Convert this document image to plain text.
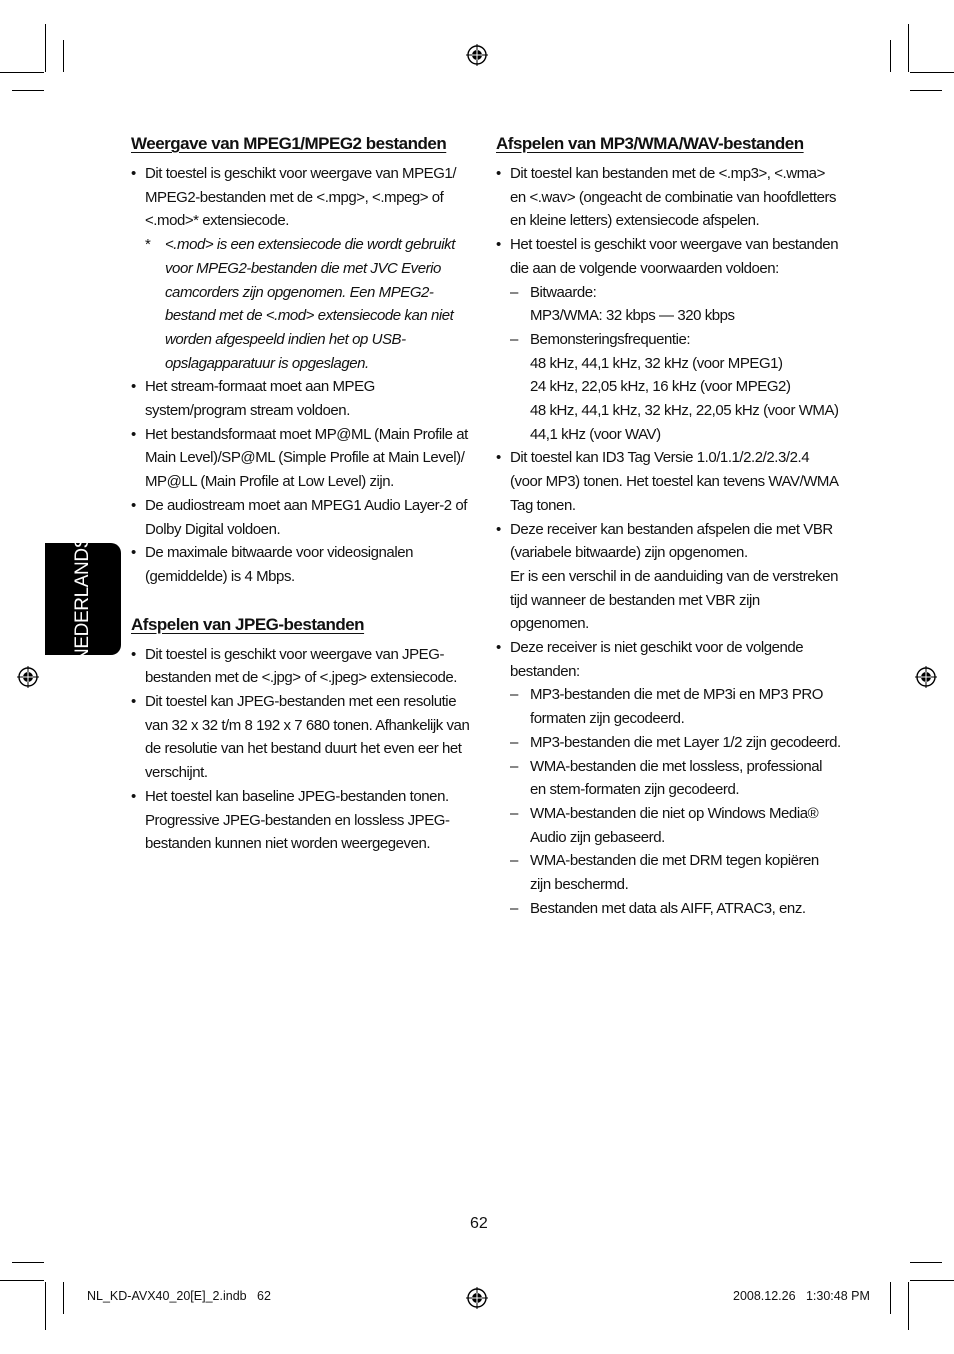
NEDERLANDS
Weergave van MPEG1/MPEG2 bestanden
• Dit toestel is geschikt voor weergave van MPEG1/ MPEG2-bestanden met de <.mpg>, <.mpeg> of <.mod>* extensiecode.
* <.mod> is een extensiecode die wordt gebruikt voor MPEG2-bestanden die met JVC Everio camcorders zijn opgenomen. Een MPEG2-bestand met de <.mod> extensiecode kan niet worden afgespeeld indien het op USB-opslagapparatuur is opgeslagen.
• Het stream-formaat moet aan MPEG system/program stream voldoen.
• Het bestandsformaat moet MP@ML (Main Profile at Main Level)/SP@ML (Simple Profile at Main Level)/ MP@LL (Main Profile at Low Level) zijn.
• De audiostream moet aan MPEG1 Audio Layer-2 of Dolby Digital voldoen.
• De maximale bitwaarde voor videosignalen (gemiddelde) is 4 Mbps.
Afspelen van JPEG-bestanden
• Dit toestel is geschikt voor weergave van JPEG-bestanden met de <.jpg> of <.jpeg> extensiecode.
• Dit toestel kan JPEG-bestanden met een resolutie van 32 x 32 t/m 8 192 x 7 680 tonen. Afhankelijk van de resolutie van het bestand duurt het even eer het verschijnt.
• Het toestel kan baseline JPEG-bestanden tonen. Progressive JPEG-bestanden en lossless JPEG-bestanden kunnen niet worden weergegeven.
Afspelen van MP3/WMA/WAV-bestanden
• Dit toestel kan bestanden met de <.mp3>, <.wma> en <.wav> (ongeacht de combinatie van hoofdletters en kleine letters) extensiecode afspelen.
• Het toestel is geschikt voor weergave van bestanden die aan de volgende voorwaarden voldoen:
– Bitwaarde:
MP3/WMA: 32 kbps — 320 kbps
– Bemonsteringsfrequentie:
48 kHz, 44,1 kHz, 32 kHz (voor MPEG1)
24 kHz, 22,05 kHz, 16 kHz (voor MPEG2)
48 kHz, 44,1 kHz, 32 kHz, 22,05 kHz (voor WMA)
44,1 kHz (voor WAV)
• Dit toestel kan ID3 Tag Versie 1.0/1.1/2.2/2.3/2.4 (voor MP3) tonen. Het toestel kan tevens WAV/WMA Tag tonen.
• Deze receiver kan bestanden afspelen die met VBR (variabele bitwaarde) zijn opgenomen.
Er is een verschil in de aanduiding van de verstreken tijd wanneer de bestanden met VBR zijn opgenomen.
• Deze receiver is niet geschikt voor de volgende bestanden:
– MP3-bestanden die met de MP3i en MP3 PRO formaten zijn gecodeerd.
– MP3-bestanden die met Layer 1/2 zijn gecodeerd.
– WMA-bestanden die met lossless, professional en stem-formaten zijn gecodeerd.
– WMA-bestanden die niet op Windows Media® Audio zijn gebaseerd.
– WMA-bestanden die met DRM tegen kopiëren zijn beschermd.
– Bestanden met data als AIFF, ATRAC3, enz.
62
NL_KD-AVX40_20[E]_2.indb   62	2008.12.26   1:30:48 PM
